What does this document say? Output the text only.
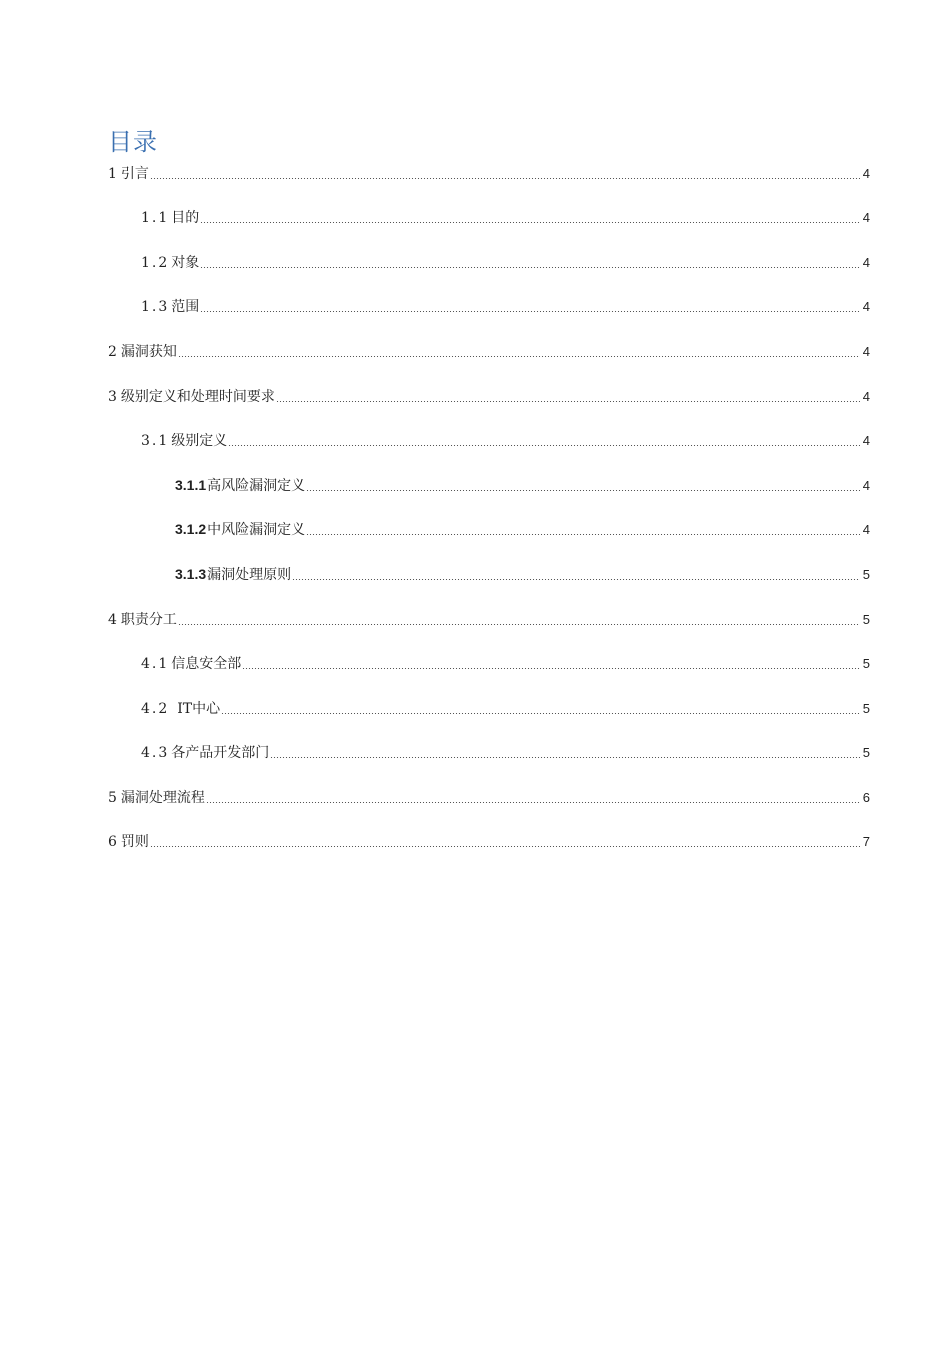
目录
1 引言	4
1.1 目的	4
1.2 对象	4
1.3 范围	4
2 漏洞获知	4
3 级别定义和处理时间要求	4
3.1 级别定义	4
3.1.1高风险漏洞定义	4
3.1.2中风险漏洞定义	4
3.1.3漏洞处理原则	5
4 职责分工	5
4.1 信息安全部	5
4.2 IT中心	5
4.3 各产品开发部门	5
5 漏洞处理流程	6
6 罚则	7
